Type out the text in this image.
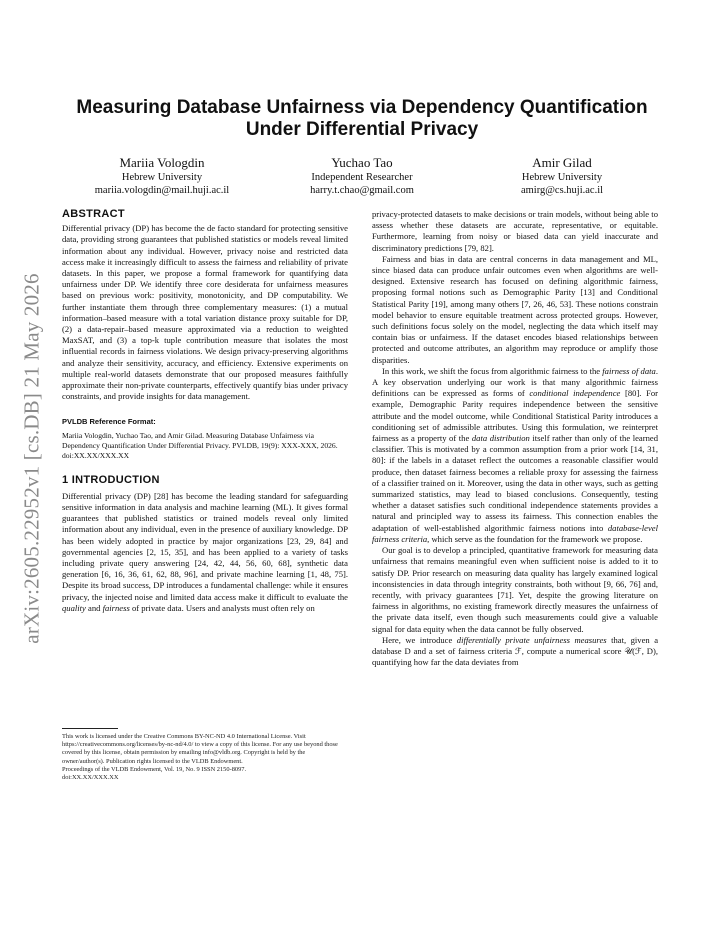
arXiv:2605.22952v1 [cs.DB] 21 May 2026
Measuring Database Unfairness via Dependency Quantification Under Differential Privacy
Mariia Vologdin
Hebrew University
mariia.vologdin@mail.huji.ac.il
Yuchao Tao
Independent Researcher
harry.t.chao@gmail.com
Amir Gilad
Hebrew University
amirg@cs.huji.ac.il
ABSTRACT

Differential privacy (DP) has become the de facto standard for protecting sensitive data, providing strong guarantees that published statistics or models reveal limited information about any individual. However, privacy noise and restricted data access make it increasingly difficult to assess the fairness and reliability of private datasets. In this paper, we propose a formal framework for quantifying data unfairness under DP. We identify three core desiderata for unfairness measures based on previous work: positivity, monotonicity, and DP computability. We further instantiate them through three complementary measures: (1) a mutual information–based measure with a total variation distance proxy suitable for DP, (2) a data-repair–based measure approximated via a reduction to weighted MaxSAT, and (3) a top-k tuple contribution measure that isolates the most influential records in fairness violations. We design privacy-preserving algorithms and analyze their sensitivity, accuracy, and efficiency. Extensive experiments on multiple real-world datasets demonstrate that our proposed measures faithfully approximate their non-private counterparts, effectively quantify bias under privacy constraints, and provide insights for data management.

PVLDB Reference Format:
Mariia Vologdin, Yuchao Tao, and Amir Gilad. Measuring Database Unfairness via Dependency Quantification Under Differential Privacy. PVLDB, 19(9): XXX-XXX, 2026.
doi:XX.XX/XXX.XX
1 INTRODUCTION

Differential privacy (DP) [28] has become the leading standard for safeguarding sensitive information in data analysis and machine learning (ML). It gives formal guarantees that published statistics or trained models reveal only limited information about any individual, even in the presence of auxiliary knowledge. DP has been widely adopted in practice by major organizations [23, 29, 84] and governmental agencies [2, 15, 35], and has been applied to a variety of tasks including private query answering [24, 42, 44, 56, 60, 68], synthetic data generation [6, 16, 36, 61, 62, 88, 96], and private machine learning [1, 48, 75]. Despite its broad success, DP introduces a fundamental challenge: while it ensures privacy, the injected noise and limited data access make it difficult to evaluate the quality and fairness of private data. Users and analysts must often rely on

This work is licensed under the Creative Commons BY-NC-ND 4.0 International License. Visit https://creativecommons.org/licenses/by-nc-nd/4.0/ to view a copy of this license. For any use beyond those covered by this license, obtain permission by emailing info@vldb.org. Copyright is held by the owner/author(s). Publication rights licensed to the VLDB Endowment.

Proceedings of the VLDB Endowment, Vol. 19, No. 9 ISSN 2150-8097.

doi:XX.XX/XXX.XX

privacy-protected datasets to make decisions or train models, without being able to assess whether these datasets are accurate, representative, or equitable. Furthermore, learning from noisy or biased data can yield inaccurate and discriminatory predictions [79, 82].

Fairness and bias in data are central concerns in data management and ML, since biased data can produce unfair outcomes even when algorithms are well-designed. Extensive research has focused on defining algorithmic fairness, proposing formal notions such as Demographic Parity [13] and Conditional Statistical Parity [19], among many others [7, 26, 46, 53]. These notions constrain model behavior to ensure equitable treatment across protected groups. However, such definitions focus solely on the model, neglecting the data which itself may contain bias or unfairness. If the dataset encodes biased relationships between protected and outcome attributes, an algorithm may reproduce or amplify those disparities.

In this work, we shift the focus from algorithmic fairness to the fairness of data. A key observation underlying our work is that many algorithmic fairness definitions can be expressed as forms of conditional independence [80]. For example, Demographic Parity requires independence between the sensitive attribute and the model outcome, while Conditional Statistical Parity introduces a conditioning set of admissible attributes. Using this formulation, we reinterpret fairness as a property of the data distribution itself rather than only of the learned classifier. This is motivated by a common assumption from a prior work [14, 31, 80]: if the labels in a dataset reflect the outcomes a reasonable classifier would produce, then dataset fairness becomes a reliable proxy for assessing the fairness of a classifier trained on it. Moreover, using the data in other ways, such as getting summarized statistics, may lead to biased conclusions. Consequently, testing whether a dataset satisfies such conditional independence statements provides a natural and principled way to assess its fairness. This connection enables the adaptation of well-established algorithmic fairness notions into database-level fairness criteria, which serve as the foundation for the framework we propose.

Our goal is to develop a principled, quantitative framework for measuring data unfairness that remains meaningful even when sufficient noise is added to it to satisfy DP. Prior research on measuring data quality has largely examined logical inconsistencies in data through integrity constraints, both without [9, 66, 76] and, recently, with privacy guarantees [71]. Yet, despite the growing literature on fairness in algorithms, no existing framework directly measures the unfairness of the private data itself, even though such measurements could give a valuable signal for data equity when the data cannot be fully observed.

Here, we introduce differentially private unfairness measures that, given a database D and a set of fairness criteria ℱ, compute a numerical score 𝒰(ℱ, D), quantifying how far the data deviates from
